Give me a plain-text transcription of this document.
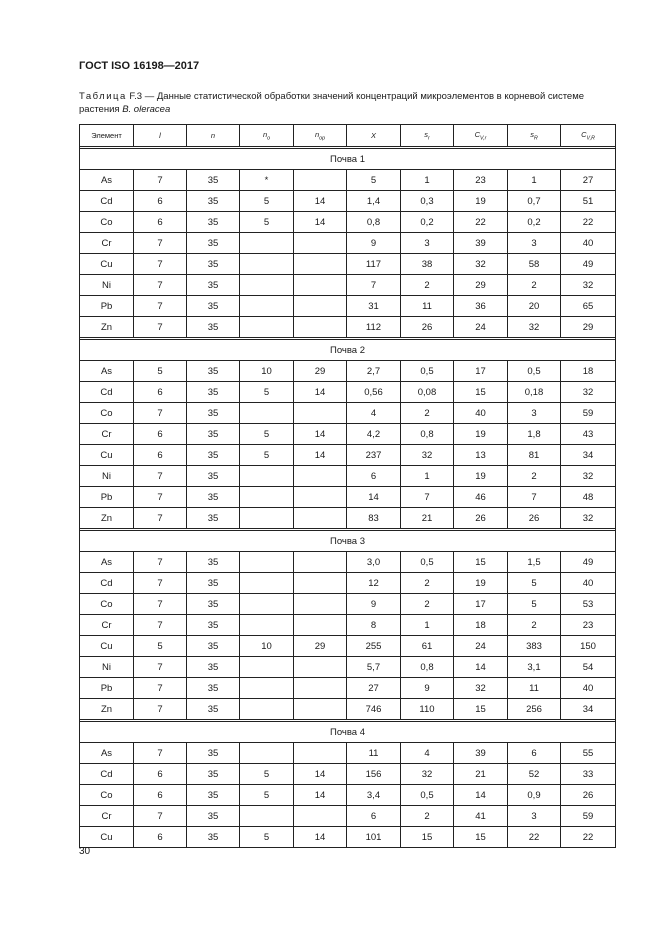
ГОСТ ISO 16198—2017
Таблица F.3 — Данные статистической обработки значений концентраций микроэлементов в корневой системе растения B. oleracea
Элемент	l	n	$n_o$	$n_{op}$	X	$s_r$	$C_{V,r}$	$s_R$	$C_{V,R}$

Почва 1									
As	7	35	*		5	1	23	1	27
Cd	6	35	5	14	1,4	0,3	19	0,7	51
Co	6	35	5	14	0,8	0,2	22	0,2	22
Cr	7	35			9	3	39	3	40
Cu	7	35			117	38	32	58	49
Ni	7	35			7	2	29	2	32
Pb	7	35			31	11	36	20	65
Zn	7	35			112	26	24	32	29

Почва 2									
As	5	35	10	29	2,7	0,5	17	0,5	18
Cd	6	35	5	14	0,56	0,08	15	0,18	32
Co	7	35			4	2	40	3	59
Cr	6	35	5	14	4,2	0,8	19	1,8	43
Cu	6	35	5	14	237	32	13	81	34
Ni	7	35			6	1	19	2	32
Pb	7	35			14	7	46	7	48
Zn	7	35			83	21	26	26	32

Почва 3									
As	7	35			3,0	0,5	15	1,5	49
Cd	7	35			12	2	19	5	40
Co	7	35			9	2	17	5	53
Cr	7	35			8	1	18	2	23
Cu	5	35	10	29	255	61	24	383	150
Ni	7	35			5,7	0,8	14	3,1	54
Pb	7	35			27	9	32	11	40
Zn	7	35			746	110	15	256	34

Почва 4									
As	7	35			11	4	39	6	55
Cd	6	35	5	14	156	32	21	52	33
Co	6	35	5	14	3,4	0,5	14	0,9	26
Cr	7	35			6	2	41	3	59
Cu	6	35	5	14	101	15	15	22	22
30
